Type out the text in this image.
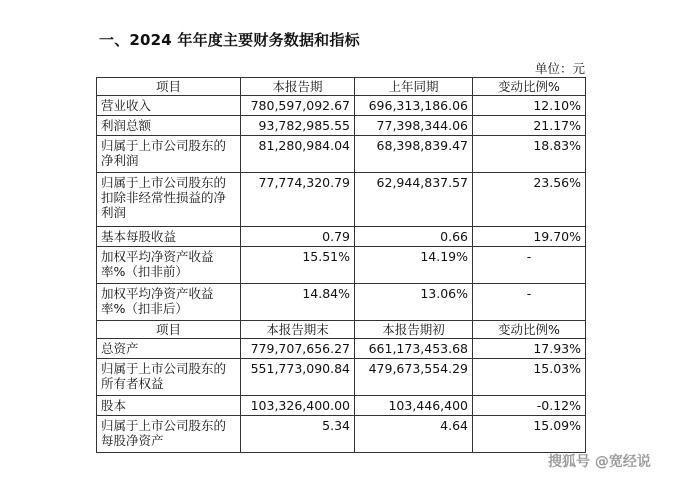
一、2024 年年度主要财务数据和指标
单位：元
项目	本报告期	上年同期	变动比例%
营业收入	780,597,092.67	696,313,186.06	12.10%
利润总额	93,782,985.55	77,398,344.06	21.17%
归属于上市公司股东的净利润	81,280,984.04	68,398,839.47	18.83%
归属于上市公司股东的扣除非经常性损益的净利润	77,774,320.79	62,944,837.57	23.56%
基本每股收益	0.79	0.66	19.70%
加权平均净资产收益率%（扣非前）	15.51%	14.19%	-
加权平均净资产收益率%（扣非后）	14.84%	13.06%	-
项目	本报告期末	本报告期初	变动比例%
总资产	779,707,656.27	661,173,453.68	17.93%
归属于上市公司股东的所有者权益	551,773,090.84	479,673,554.29	15.03%
股本	103,326,400.00	103,446,400	-0.12%
归属于上市公司股东的每股净资产	5.34	4.64	15.09%
搜狐号 @宽经说
